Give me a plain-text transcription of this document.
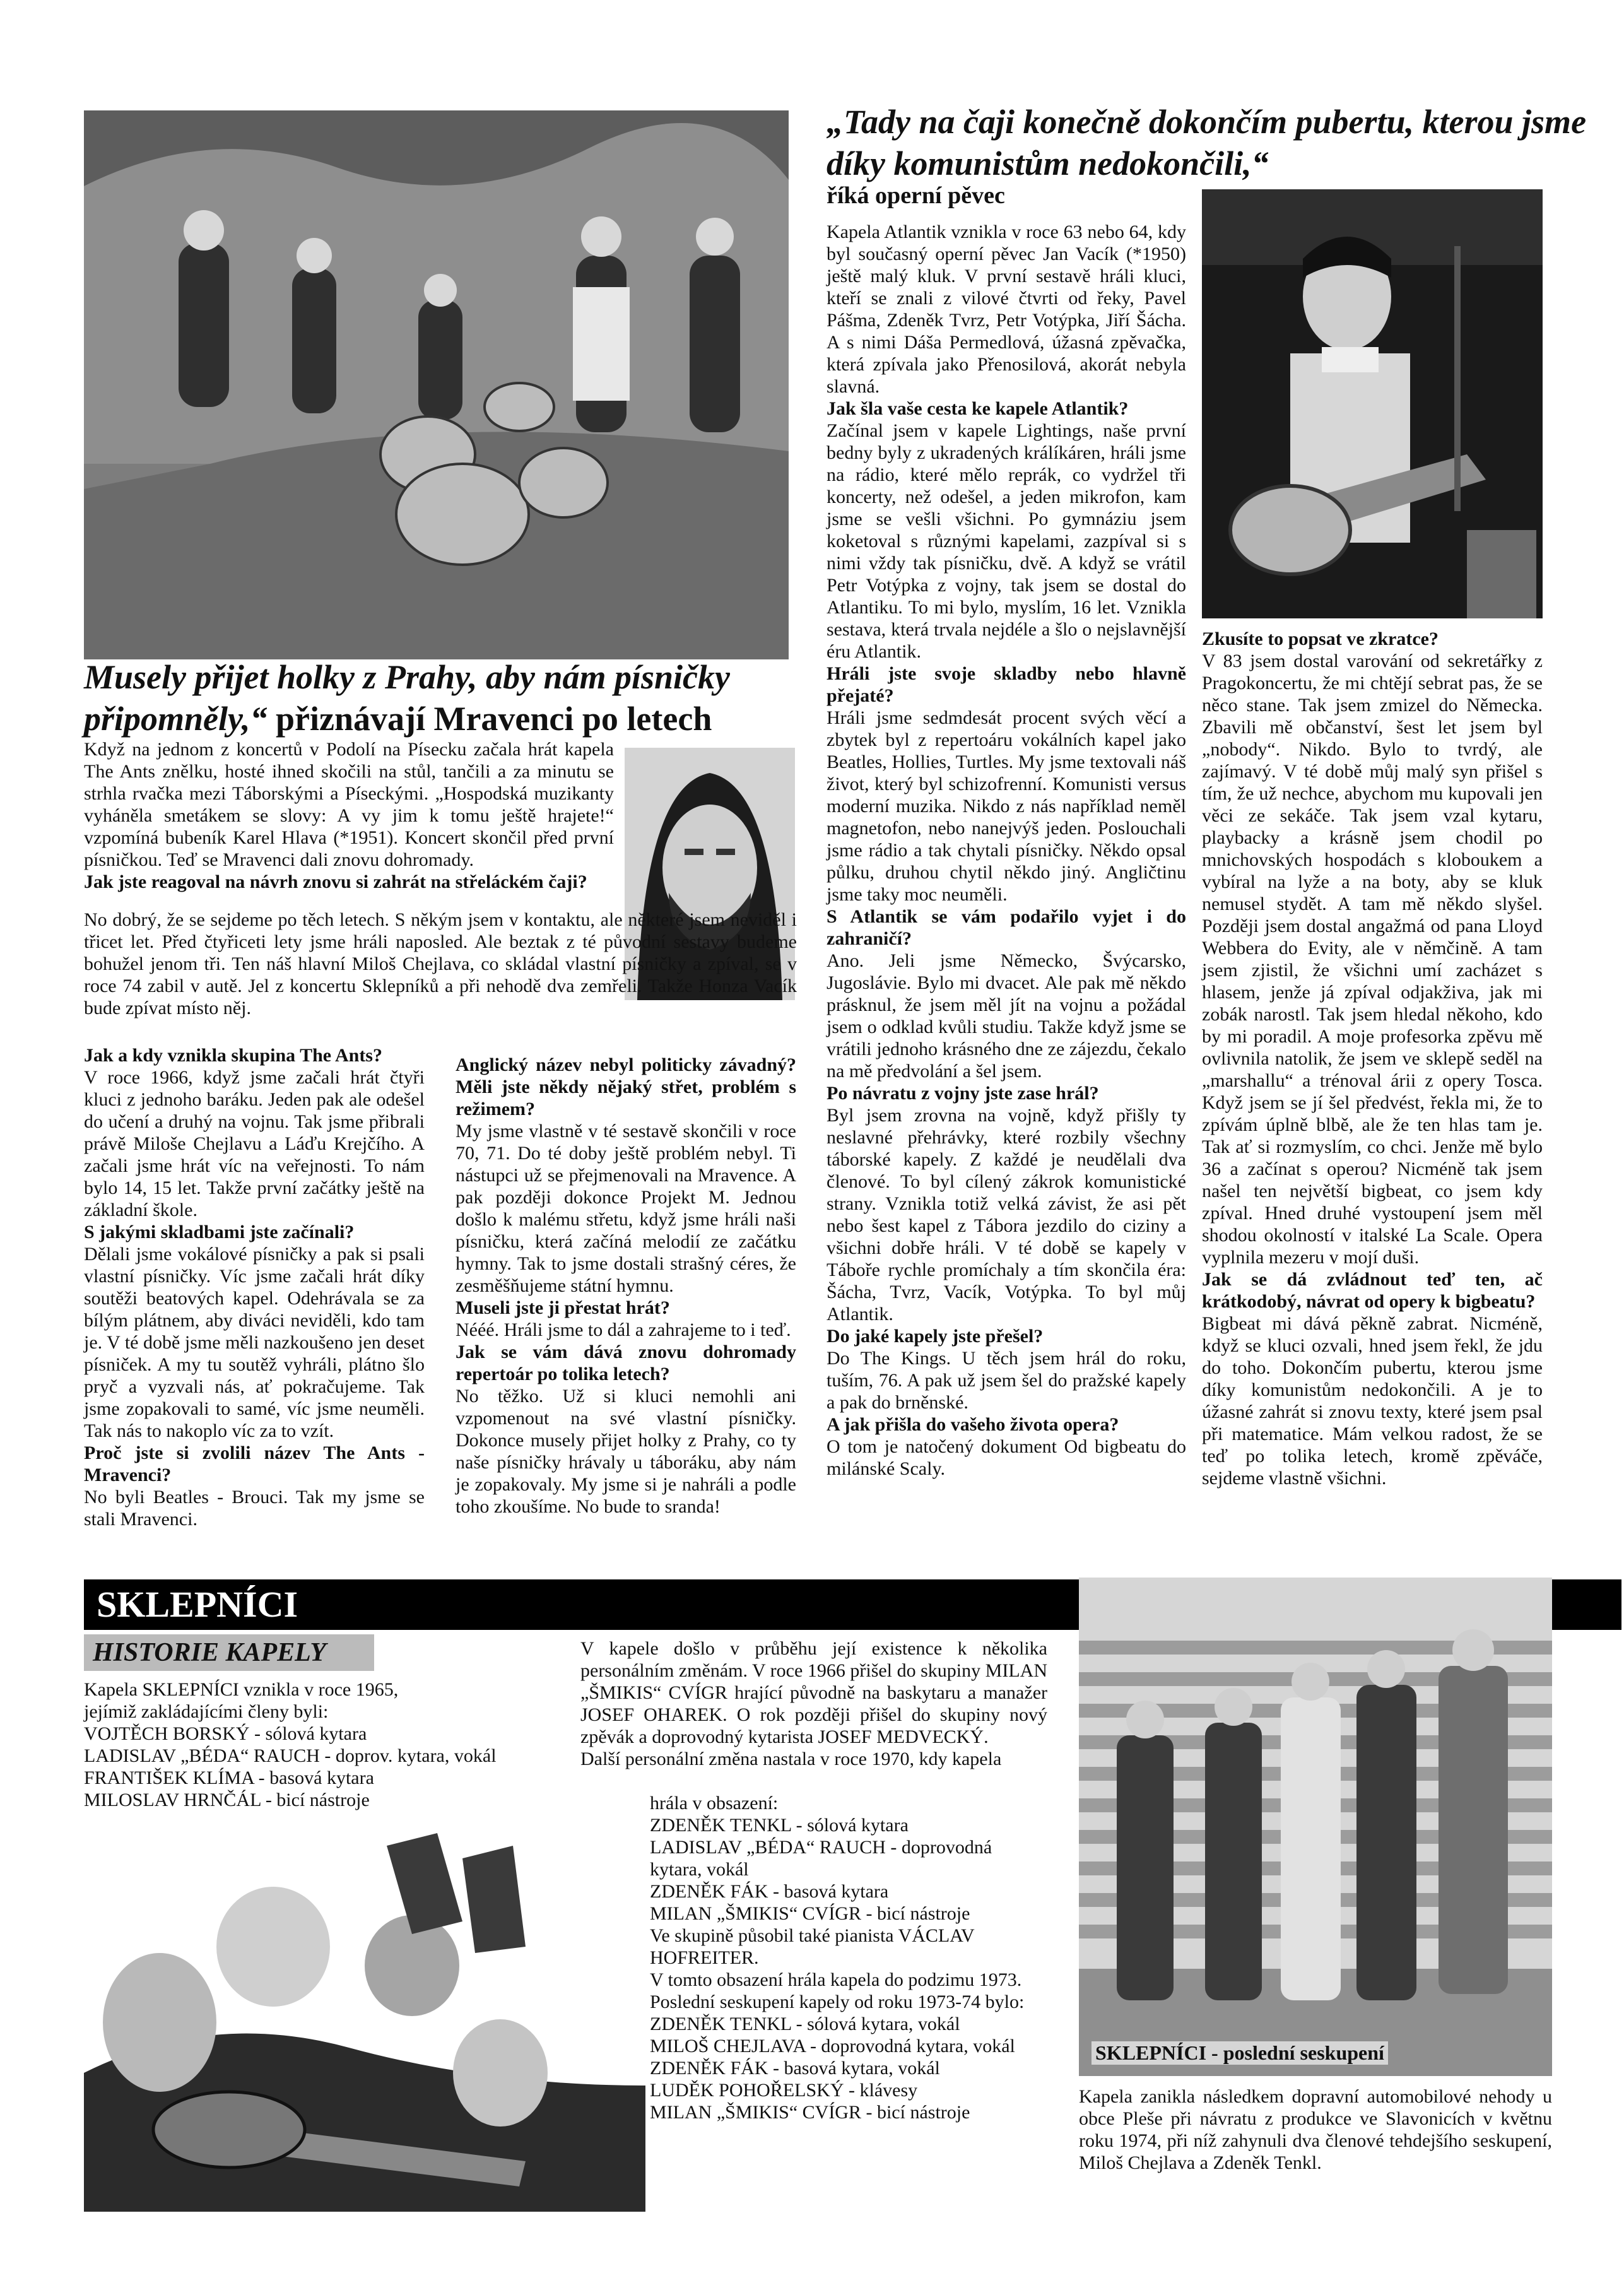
Musely přijet holky z Prahy, aby nám písničky připomněly,“ přiznávají Mravenci po letech

Když na jednom z koncertů v Podolí na Písecku začala hrát kapela The Ants znělku, hosté ihned skočili na stůl, tančili a za minutu se strhla rvačka mezi Táborskými a Píseckými. „Hospodská muzikanty vyháněla smetákem se slovy: A vy jim k tomu ještě hrajete!“ vzpomíná bubeník Karel Hlava (*1951). Koncert skončil před první písničkou. Teď se Mravenci dali znovu dohromady.

Jak jste reagoval na návrh znovu si zahrát na střeláckém čaji?

No dobrý, že se sejdeme po těch letech. S někým jsem v kontaktu, ale některé jsem neviděl i třicet let. Před čtyřiceti lety jsme hráli naposled. Ale beztak z té původní sestavy budeme bohužel jenom tři. Ten náš hlavní Miloš Chejlava, co skládal vlastní písničky a zpíval, se v roce 74 zabil v autě. Jel z koncertu Sklepníků a při nehodě dva zemřeli. Takže Honza Vacík bude zpívat místo něj.

Jak a kdy vznikla skupina The Ants?

V roce 1966, když jsme začali hrát čtyři kluci z jednoho baráku. Jeden pak ale odešel do učení a druhý na vojnu. Tak jsme přibrali právě Miloše Chejlavu a Láďu Krejčího. A začali jsme hrát víc na veřejnosti. To nám bylo 14, 15 let. Takže první začátky ještě na základní škole.

S jakými skladbami jste začínali?

Dělali jsme vokálové písničky a pak si psali vlastní písničky. Víc jsme začali hrát díky soutěži beatových kapel. Odehrávala se za bílým plátnem, aby diváci neviděli, kdo tam je. V té době jsme měli nazkoušeno jen deset písniček. A my tu soutěž vyhráli, plátno šlo pryč a vyzvali nás, ať pokračujeme. Tak jsme zopakovali to samé, víc jsme neuměli. Tak nás to nakoplo víc za to vzít.

Proč jste si zvolili název The Ants - Mravenci?

No byli Beatles - Brouci. Tak my jsme se stali Mravenci.

Anglický název nebyl politicky závadný? Měli jste někdy nějaký střet, problém s režimem?

My jsme vlastně v té sestavě skončili v roce 70, 71. Do té doby ještě problém nebyl. Ti nástupci už se přejmenovali na Mravence. A pak později dokonce Projekt M. Jednou došlo k malému střetu, když jsme hráli naši písničku, která začíná melodií ze začátku hymny. Tak to jsme dostali strašný céres, že zesměšňujeme státní hymnu.

Museli jste ji přestat hrát?

Nééé. Hráli jsme to dál a zahrajeme to i teď.

Jak se vám dává znovu dohromady repertoár po tolika letech?

No těžko. Už si kluci nemohli ani vzpomenout na své vlastní písničky. Dokonce musely přijet holky z Prahy, co ty naše písničky hrávaly u táboráku, aby nám je zopakovaly. My jsme si je nahráli a podle toho zkoušíme. No bude to sranda!

„Tady na čaji konečně dokončím pubertu, kterou jsme díky komunistům nedokončili,“
říká operní pěvec

Kapela Atlantik vznikla v roce 63 nebo 64, kdy byl současný operní pěvec Jan Vacík (*1950) ještě malý kluk. V první sestavě hráli kluci, kteří se znali z vilové čtvrti od řeky, Pavel Pášma, Zdeněk Tvrz, Petr Votýpka, Jiří Šácha. A s nimi Dáša Permedlová, úžasná zpěvačka, která zpívala jako Přenosilová, akorát nebyla slavná.

Jak šla vaše cesta ke kapele Atlantik?

Začínal jsem v kapele Lightings, naše první bedny byly z ukradených králíkáren, hráli jsme na rádio, které mělo reprák, co vydržel tři koncerty, než odešel, a jeden mikrofon, kam jsme se vešli všichni. Po gymnáziu jsem koketoval s různými kapelami, zazpíval si s nimi vždy tak písničku, dvě. A když se vrátil Petr Votýpka z vojny, tak jsem se dostal do Atlantiku. To mi bylo, myslím, 16 let. Vznikla sestava, která trvala nejdéle a šlo o nejslavnější éru Atlantik.

Hráli jste svoje skladby nebo hlavně přejaté?

Hráli jsme sedmdesát procent svých věcí a zbytek byl z repertoáru vokálních kapel jako Beatles, Hollies, Turtles. My jsme textovali náš život, který byl schizofrenní. Komunisti versus moderní muzika. Nikdo z nás například neměl magnetofon, nebo nanejvýš jeden. Poslouchali jsme rádio a tak chytali písničky. Někdo opsal půlku, druhou chytil někdo jiný. Angličtinu jsme taky moc neuměli.

S Atlantik se vám podařilo vyjet i do zahraničí?

Ano. Jeli jsme Německo, Švýcarsko, Jugoslávie. Bylo mi dvacet. Ale pak mě někdo prásknul, že jsem měl jít na vojnu a požádal jsem o odklad kvůli studiu. Takže když jsme se vrátili jednoho krásného dne ze zájezdu, čekalo na mě předvolání a šel jsem.

Po návratu z vojny jste zase hrál?

Byl jsem zrovna na vojně, když přišly ty neslavné přehrávky, které rozbily všechny táborské kapely. Z každé je neudělali dva členové. To byl cílený zákrok komunistické strany. Vznikla totiž velká závist, že asi pět nebo šest kapel z Tábora jezdilo do ciziny a všichni dobře hráli. V té době se kapely v Táboře rychle promíchaly a tím skončila éra: Šácha, Tvrz, Vacík, Votýpka. To byl můj Atlantik.

Do jaké kapely jste přešel?

Do The Kings. U těch jsem hrál do roku, tuším, 76. A pak už jsem šel do pražské kapely a pak do brněnské.

A jak přišla do vašeho života opera?

O tom je natočený dokument Od bigbeatu do milánské Scaly.

Zkusíte to popsat ve zkratce?

V 83 jsem dostal varování od sekretářky z Pragokoncertu, že mi chtějí sebrat pas, že se něco stane. Tak jsem zmizel do Německa. Zbavili mě občanství, šest let jsem byl „nobody“. Nikdo. Bylo to tvrdý, ale zajímavý. V té době můj malý syn přišel s tím, že už nechce, abychom mu kupovali jen věci ze sekáče. Tak jsem vzal kytaru, playbacky a krásně jsem chodil po mnichovských hospodách s kloboukem a vybíral na lyže a na boty, aby se kluk nemusel stydět. A tam mě někdo slyšel. Později jsem dostal angažmá od pana Lloyd Webbera do Evity, ale v němčině. A tam jsem zjistil, že všichni umí zacházet s hlasem, jenže já zpíval odjakživa, jak mi zobák narostl. Tak jsem hledal někoho, kdo by mi poradil. A moje profesorka zpěvu mě ovlivnila natolik, že jsem ve sklepě seděl na „marshallu“ a trénoval árii z opery Tosca. Když jsem se jí šel předvést, řekla mi, že to zpívám úplně blbě, ale že ten hlas tam je. Tak ať si rozmyslím, co chci. Jenže mě bylo 36 a začínat s operou? Nicméně tak jsem našel ten největší bigbeat, co jsem kdy zpíval. Hned druhé vystoupení jsem měl shodou okolností v italské La Scale. Opera vyplnila mezeru v mojí duši.

Jak se dá zvládnout teď ten, ač krátkodobý, návrat od opery k bigbeatu?

Bigbeat mi dává pěkně zabrat. Nicméně, když se kluci ozvali, hned jsem řekl, že jdu do toho. Dokončím pubertu, kterou jsme díky komunistům nedokončili. A je to úžasné zahrát si znovu texty, které jsem psal při matematice. Mám velkou radost, že se teď po tolika letech, kromě zpěváče, sejdeme vlastně všichni.

SKLEPNÍCI
HISTORIE KAPELY

Kapela SKLEPNÍCI vznikla v roce 1965,

jejímiž zakládajícími členy byli:

VOJTĚCH BORSKÝ - sólová kytara

LADISLAV „BÉDA“ RAUCH - doprov. kytara, vokál

FRANTIŠEK KLÍMA - basová kytara

MILOSLAV HRNČÁL - bicí nástroje

V kapele došlo v průběhu její existence k několika personálním změnám. V roce 1966 přišel do skupiny MILAN „ŠMIKIS“ CVÍGR hrající původně na baskytaru a manažer JOSEF OHAREK. O rok později přišel do skupiny nový zpěvák a doprovodný kytarista JOSEF MEDVECKÝ.

Další personální změna nastala v roce 1970, kdy kapela

hrála v obsazení:

ZDENĚK TENKL - sólová kytara

LADISLAV „BÉDA“ RAUCH - doprovodná kytara, vokál

ZDENĚK FÁK - basová kytara

MILAN „ŠMIKIS“ CVÍGR - bicí nástroje

Ve skupině působil také pianista VÁCLAV HOFREITER.

V tomto obsazení hrála kapela do podzimu 1973.

Poslední seskupení kapely od roku 1973-74 bylo: ZDENĚK TENKL - sólová kytara, vokál

MILOŠ CHEJLAVA - doprovodná kytara, vokál

ZDENĚK FÁK - basová kytara, vokál

LUDĚK POHOŘELSKÝ - klávesy

MILAN „ŠMIKIS“ CVÍGR - bicí nástroje

SKLEPNÍCI - poslední seskupení

Kapela zanikla následkem dopravní automobilové nehody u obce Pleše při návratu z produkce ve Slavonicích v květnu roku 1974, při níž zahynuli dva členové tehdejšího seskupení, Miloš Chejlava a Zdeněk Tenkl.
